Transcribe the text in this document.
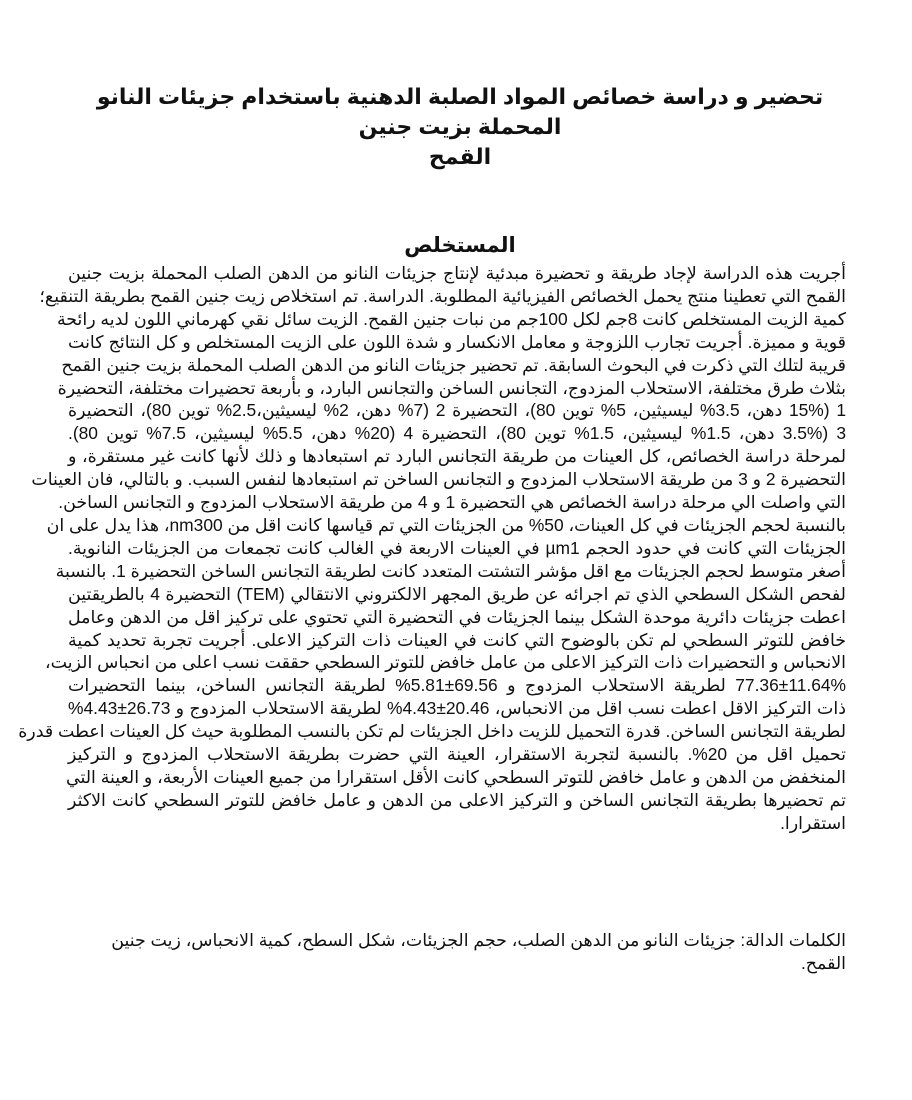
تحضير و دراسة خصائص المواد الصلبة الدهنية باستخدام جزيئات النانو المحملة بزيت جنين
القمح
المستخلص
أجريت هذه الدراسة لإجاد طريقة و تحضيرة مبدئية لإنتاج جزيئات النانو من الدهن الصلب المحملة بزيت جنين
القمح التي تعطينا منتج يحمل الخصائص الفيزيائية المطلوبة. الدراسة. تم استخلاص زيت جنين القمح بطريقة التنقيع؛
كمية الزيت المستخلص كانت 8جم لكل 100جم من نبات جنين القمح. الزيت سائل نقي كهرماني اللون لديه رائحة
قوية و مميزة. أجريت تجارب اللزوجة و معامل الانكسار و شدة اللون على الزيت المستخلص و كل النتائج كانت
قريبة لتلك التي ذكرت في البحوث السابقة. تم تحضير جزيئات النانو من الدهن الصلب المحملة بزيت جنين القمح
بثلاث طرق مختلفة، الاستحلاب المزدوج، التجانس الساخن والتجانس البارد، و بأربعة تحضيرات مختلفة، التحضيرة
1 (15% دهن، 3.5% ليسيثين، 5% توين 80)، التحضيرة 2 (7% دهن، 2% ليسيثين،2.5% توين 80)، التحضيرة
3 (3.5% دهن، 1.5% ليسيثين، 1.5% توين 80)، التحضيرة 4 (20% دهن، 5.5% ليسيثين، 7.5% توين 80).
لمرحلة دراسة الخصائص، كل العينات من طريقة التجانس البارد تم استبعادها و ذلك لأنها كانت غير مستقرة، و
التحضيرة 2 و 3 من طريقة الاستحلاب المزدوج و التجانس الساخن تم استبعادها لنفس السبب. و بالتالي، فان العينات
التي واصلت الي مرحلة دراسة الخصائص هي التحضيرة 1 و 4 من طريقة الاستحلاب المزدوج و التجانس الساخن.
بالنسبة لحجم الجزيئات في كل العينات، 50% من الجزيئات التي تم قياسها كانت اقل من nm300، هذا يدل على ان
الجزيئات التي كانت في حدود الحجم µm1 في العينات الاربعة في الغالب كانت تجمعات من الجزيئات النانوية.
أصغر متوسط لحجم الجزيئات مع اقل مؤشر التشتت المتعدد كانت لطريقة التجانس الساخن التحضيرة 1. بالنسبة
لفحص الشكل السطحي الذي تم اجرائه عن طريق المجهر الالكتروني الانتقالي (TEM) التحضيرة 4 بالطريقتين
اعطت جزيئات دائرية موحدة الشكل بينما الجزيئات في التحضيرة التي تحتوي على تركيز اقل من الدهن وعامل
خافض للتوتر السطحي لم تكن بالوضوح التي كانت في العينات ذات التركيز الاعلى. أجريت تجربة تحديد كمية
الانحباس و التحضيرات ذات التركيز الاعلى من عامل خافض للتوتر السطحي حققت نسب اعلى من انحباس الزيت،
77.36±11.64% لطريقة الاستحلاب المزدوج و 69.56±5.81% لطريقة التجانس الساخن، بينما التحضيرات
ذات التركيز الاقل اعطت نسب اقل من الانحباس، 20.46±4.43% لطريقة الاستحلاب المزدوج و 26.73±4.43%
لطريقة التجانس الساخن. قدرة التحميل للزيت داخل الجزيئات لم تكن بالنسب المطلوبة حيث كل العينات اعطت قدرة
تحميل اقل من 20%. بالنسبة لتجربة الاستقرار، العينة التي حضرت بطريقة الاستحلاب المزدوج و التركيز
المنخفض من الدهن و عامل خافض للتوتر السطحي كانت الأقل استقرارا من جميع العينات الأربعة، و العينة التي
تم تحضيرها بطريقة التجانس الساخن و التركيز الاعلى من الدهن و عامل خافض للتوتر السطحي كانت الاكثر
استقرارا.

الكلمات الدالة: جزيئات النانو من الدهن الصلب، حجم الجزيئات، شكل السطح، كمية الانحباس، زيت جنين القمح.
